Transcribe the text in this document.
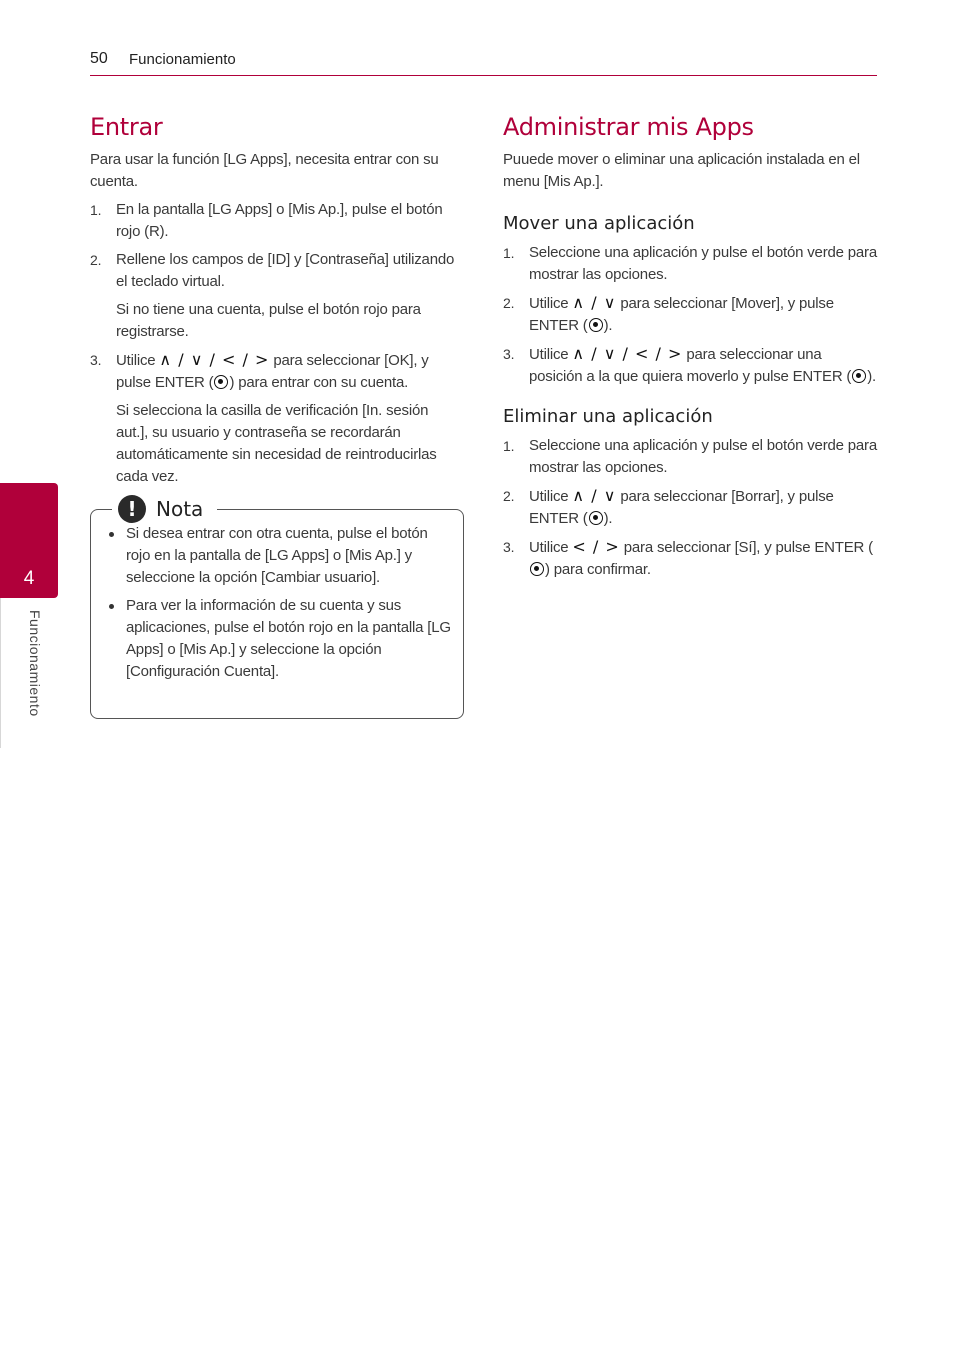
50 Funcionamiento
4
Funcionamiento
Entrar

Para usar la función [LG Apps], necesita entrar con su cuenta.

1. En la pantalla [LG Apps] o [Mis Ap.], pulse el botón rojo (R).
2. Rellene los campos de [ID] y [Contraseña] utilizando el teclado virtual.
Si no tiene una cuenta, pulse el botón rojo para registrarse.
3. Utilice ∧ / ∨ / < / > para seleccionar [OK], y pulse ENTER ( ) para entrar con su cuenta.
Si selecciona la casilla de verificación [In. sesión aut.], su usuario y contraseña se recordarán automáticamente sin necesidad de reintroducirlas cada vez.
! Nota
Si desea entrar con otra cuenta, pulse el botón rojo en la pantalla de [LG Apps] o [Mis Ap.] y seleccione la opción [Cambiar usuario].
Para ver la información de su cuenta y sus aplicaciones, pulse el botón rojo en la pantalla [LG Apps] o [Mis Ap.] y seleccione la opción [Configuración Cuenta].
Administrar mis Apps

Puuede mover o eliminar una aplicación instalada en el menu [Mis Ap.].

Mover una aplicación
1. Seleccione una aplicación y pulse el botón verde para mostrar las opciones.
2. Utilice ∧ / ∨ para seleccionar [Mover], y pulse ENTER ( ).
3. Utilice ∧ / ∨ / < / > para seleccionar una posición a la que quiera moverlo y pulse ENTER ( ).
Eliminar una aplicación
1. Seleccione una aplicación y pulse el botón verde para mostrar las opciones.
2. Utilice ∧ / ∨ para seleccionar [Borrar], y pulse ENTER ( ).
3. Utilice < / > para seleccionar [Sí], y pulse ENTER () para confirmar.
